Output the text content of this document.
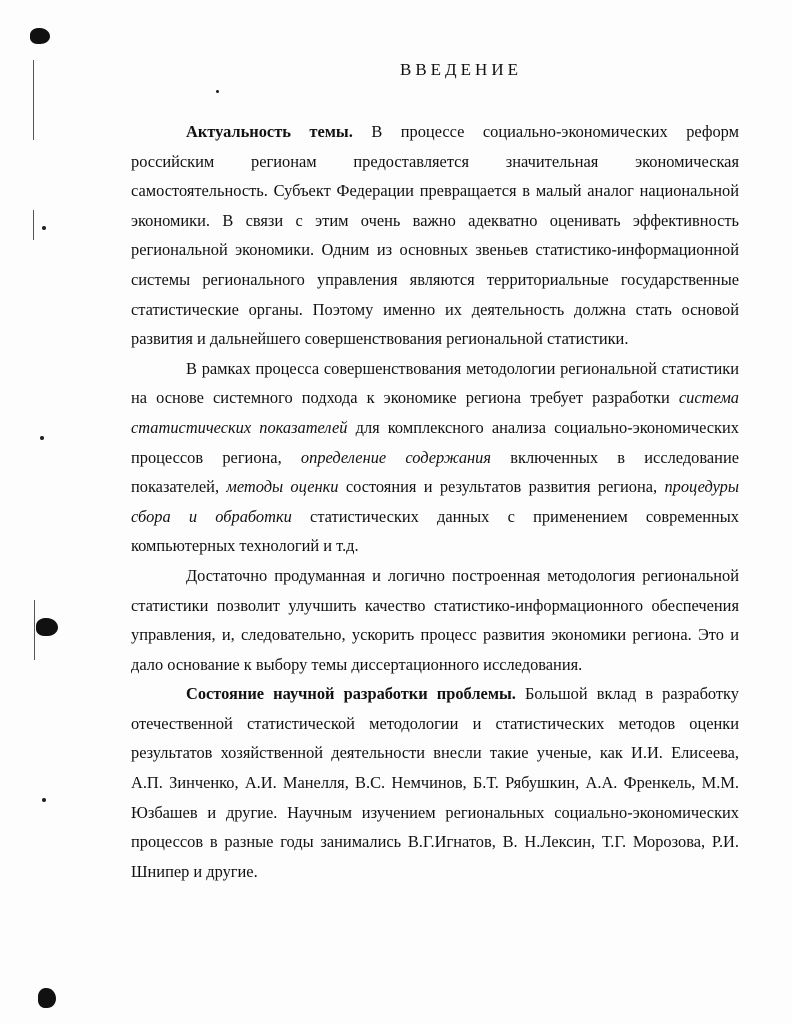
ВВЕДЕНИЕ

Актуальность темы. В процессе социально-экономических реформ российским регионам предоставляется значительная экономическая самостоятельность. Субъект Федерации превращается в малый аналог национальной экономики. В связи с этим очень важно адекватно оценивать эффективность региональной экономики. Одним из основных звеньев статистико-информационной системы регионального управления являются территориальные государственные статистические органы. Поэтому именно их деятельность должна стать основой развития и дальнейшего совершенствования региональной статистики.

В рамках процесса совершенствования методологии региональной статистики на основе системного подхода к экономике региона требует разработки система статистических показателей для комплексного анализа социально-экономических процессов региона, определение содержания включенных в исследование показателей, методы оценки состояния и результатов развития региона, процедуры сбора и обработки статистических данных с применением современных компьютерных технологий и т.д.

Достаточно продуманная и логично построенная методология региональной статистики позволит улучшить качество статистико-информационного обеспечения управления, и, следовательно, ускорить процесс развития экономики региона. Это и дало основание к выбору темы диссертационного исследования.

Состояние научной разработки проблемы. Большой вклад в разработку отечественной статистической методологии и статистических методов оценки результатов хозяйственной деятельности внесли такие ученые, как И.И. Елисеева, А.П. Зинченко, А.И. Манелля, В.С. Немчинов, Б.Т. Рябушкин, А.А. Френкель, М.М. Юзбашев и другие. Научным изучением региональных социально-экономических процессов в разные годы занимались В.Г.Игнатов, В. Н.Лексин, Т.Г. Морозова, Р.И. Шнипер и другие.
